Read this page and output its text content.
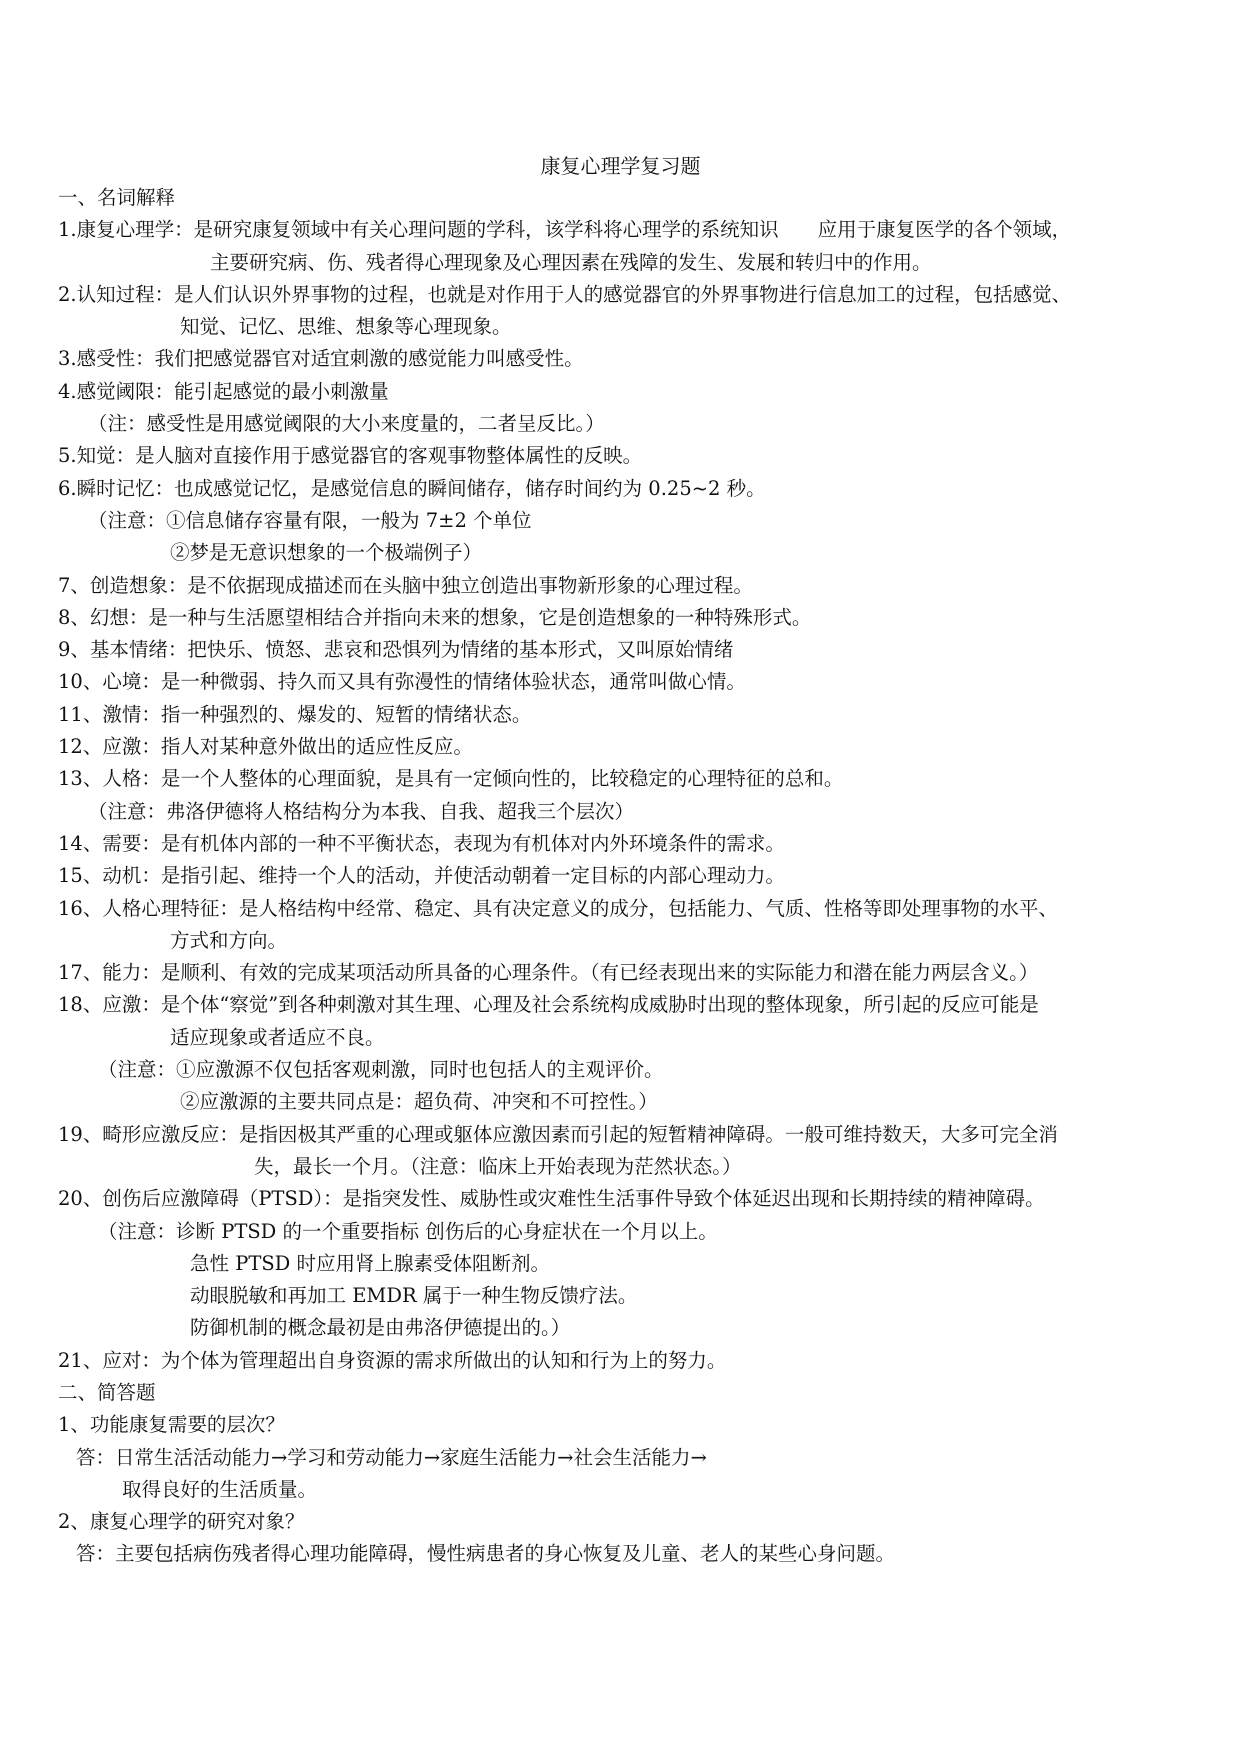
康复心理学复习题
一、名词解释
1.康复心理学：是研究康复领域中有关心理问题的学科，该学科将心理学的系统知识　　应用于康复医学的各个领域，
主要研究病、伤、残者得心理现象及心理因素在残障的发生、发展和转归中的作用。
2.认知过程：是人们认识外界事物的过程，也就是对作用于人的感觉器官的外界事物进行信息加工的过程，包括感觉、
知觉、记忆、思维、想象等心理现象。
3.感受性：我们把感觉器官对适宜刺激的感觉能力叫感受性。
4.感觉阈限：能引起感觉的最小刺激量
（注：感受性是用感觉阈限的大小来度量的，二者呈反比。）
5.知觉：是人脑对直接作用于感觉器官的客观事物整体属性的反映。
6.瞬时记忆：也成感觉记忆，是感觉信息的瞬间储存，储存时间约为 0.25~2 秒。
（注意：①信息储存容量有限，一般为 7±2 个单位
②梦是无意识想象的一个极端例子）
7、创造想象：是不依据现成描述而在头脑中独立创造出事物新形象的心理过程。
8、幻想：是一种与生活愿望相结合并指向未来的想象，它是创造想象的一种特殊形式。
9、基本情绪：把快乐、愤怒、悲哀和恐惧列为情绪的基本形式，又叫原始情绪
10、心境：是一种微弱、持久而又具有弥漫性的情绪体验状态，通常叫做心情。
11、激情：指一种强烈的、爆发的、短暂的情绪状态。
12、应激：指人对某种意外做出的适应性反应。
13、人格：是一个人整体的心理面貌，是具有一定倾向性的，比较稳定的心理特征的总和。
（注意：弗洛伊德将人格结构分为本我、自我、超我三个层次）
14、需要：是有机体内部的一种不平衡状态，表现为有机体对内外环境条件的需求。
15、动机：是指引起、维持一个人的活动，并使活动朝着一定目标的内部心理动力。
16、人格心理特征：是人格结构中经常、稳定、具有决定意义的成分，包括能力、气质、性格等即处理事物的水平、
方式和方向。
17、能力：是顺利、有效的完成某项活动所具备的心理条件。（有已经表现出来的实际能力和潜在能力两层含义。）
18、应激：是个体“察觉”到各种刺激对其生理、心理及社会系统构成威胁时出现的整体现象，所引起的反应可能是
适应现象或者适应不良。
（注意：①应激源不仅包括客观刺激，同时也包括人的主观评价。
②应激源的主要共同点是：超负荷、冲突和不可控性。）
19、畸形应激反应：是指因极其严重的心理或躯体应激因素而引起的短暂精神障碍。一般可维持数天，大多可完全消
失，最长一个月。（注意：临床上开始表现为茫然状态。）
20、创伤后应激障碍（PTSD）：是指突发性、威胁性或灾难性生活事件导致个体延迟出现和长期持续的精神障碍。
（注意：诊断 PTSD 的一个重要指标 创伤后的心身症状在一个月以上。
急性 PTSD 时应用肾上腺素受体阻断剂。
动眼脱敏和再加工 EMDR 属于一种生物反馈疗法。
防御机制的概念最初是由弗洛伊德提出的。）
21、应对：为个体为管理超出自身资源的需求所做出的认知和行为上的努力。
二、简答题
1、功能康复需要的层次？
答：日常生活活动能力→学习和劳动能力→家庭生活能力→社会生活能力→
取得良好的生活质量。
2、康复心理学的研究对象？
答：主要包括病伤残者得心理功能障碍，慢性病患者的身心恢复及儿童、老人的某些心身问题。
